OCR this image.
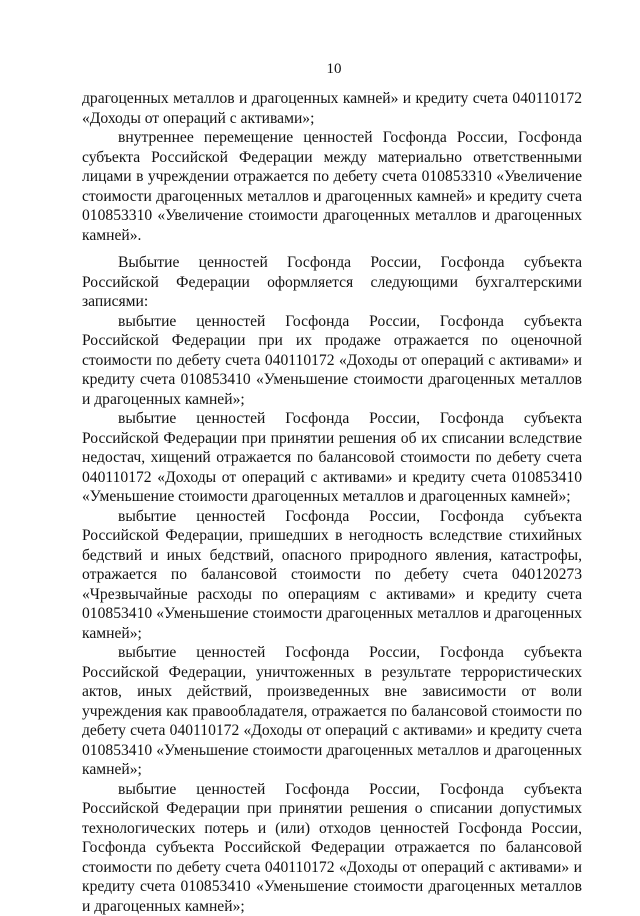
10

драгоценных металлов и драгоценных камней» и кредиту счета 040110172 «Доходы от операций с активами»;

внутреннее перемещение ценностей Госфонда России, Госфонда субъекта Российской Федерации между материально ответственными лицами в учреждении отражается по дебету счета 010853310 «Увеличение стоимости драгоценных металлов и драгоценных камней» и кредиту счета 010853310 «Увеличение стоимости драгоценных металлов и драгоценных камней».

Выбытие ценностей Госфонда России, Госфонда субъекта Российской Федерации оформляется следующими бухгалтерскими записями:

выбытие ценностей Госфонда России, Госфонда субъекта Российской Федерации при их продаже отражается по оценочной стоимости по дебету счета 040110172 «Доходы от операций с активами» и кредиту счета 010853410 «Уменьшение стоимости драгоценных металлов и драгоценных камней»;

выбытие ценностей Госфонда России, Госфонда субъекта Российской Федерации при принятии решения об их списании вследствие недостач, хищений отражается по балансовой стоимости по дебету счета 040110172 «Доходы от операций с активами» и кредиту счета 010853410 «Уменьшение стоимости драгоценных металлов и драгоценных камней»;

выбытие ценностей Госфонда России, Госфонда субъекта Российской Федерации, пришедших в негодность вследствие стихийных бедствий и иных бедствий, опасного природного явления, катастрофы, отражается по балансовой стоимости по дебету счета 040120273 «Чрезвычайные расходы по операциям с активами» и кредиту счета 010853410 «Уменьшение стоимости драгоценных металлов и драгоценных камней»;

выбытие ценностей Госфонда России, Госфонда субъекта Российской Федерации, уничтоженных в результате террористических актов, иных действий, произведенных вне зависимости от воли учреждения как правообладателя, отражается по балансовой стоимости по дебету счета 040110172 «Доходы от операций с активами» и кредиту счета 010853410 «Уменьшение стоимости драгоценных металлов и драгоценных камней»;

выбытие ценностей Госфонда России, Госфонда субъекта Российской Федерации при принятии решения о списании допустимых технологических потерь и (или) отходов ценностей Госфонда России, Госфонда субъекта Российской Федерации отражается по балансовой стоимости по дебету счета 040110172 «Доходы от операций с активами» и кредиту счета 010853410 «Уменьшение стоимости драгоценных металлов и драгоценных камней»;
